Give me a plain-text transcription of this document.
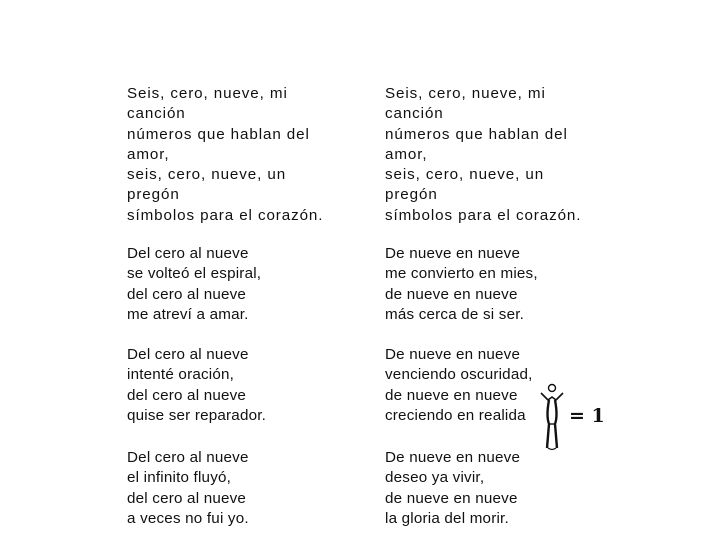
Seis, cero, nueve, mi
canción
números que hablan del
amor,
seis, cero, nueve, un
pregón
símbolos para el corazón.
Del cero al nueve
se volteó el espiral,
del cero al nueve
me atreví a amar.
Del cero al nueve
intenté oración,
del cero al nueve
quise ser reparador.
Del cero al nueve
el infinito fluyó,
del cero al nueve
a veces no fui yo.
Seis, cero, nueve, mi
canción
números que hablan del
amor,
seis, cero, nueve, un
pregón
símbolos para el corazón.
De nueve en nueve
me convierto en mies,
de nueve en nueve
más cerca de si ser.
De nueve en nueve
venciendo oscuridad,
de nueve en nueve
creciendo en realida
De nueve en nueve
deseo ya vivir,
de nueve en nueve
la gloria del morir.
= 1
